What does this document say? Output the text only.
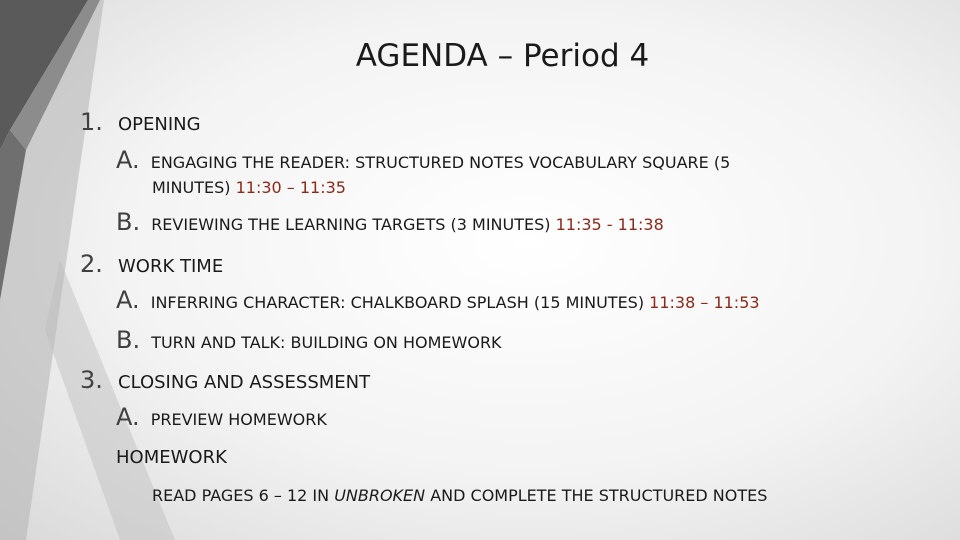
AGENDA – Period 4
1. OPENING
A. ENGAGING THE READER: STRUCTURED NOTES VOCABULARY SQUARE (5
MINUTES) 11:30 – 11:35
B. REVIEWING THE LEARNING TARGETS (3 MINUTES) 11:35 - 11:38
2. WORK TIME
A. INFERRING CHARACTER: CHALKBOARD SPLASH (15 MINUTES) 11:38 – 11:53
B. TURN AND TALK: BUILDING ON HOMEWORK
3. CLOSING AND ASSESSMENT
A. PREVIEW HOMEWORK
HOMEWORK
READ PAGES 6 – 12 IN UNBROKEN AND COMPLETE THE STRUCTURED NOTES
